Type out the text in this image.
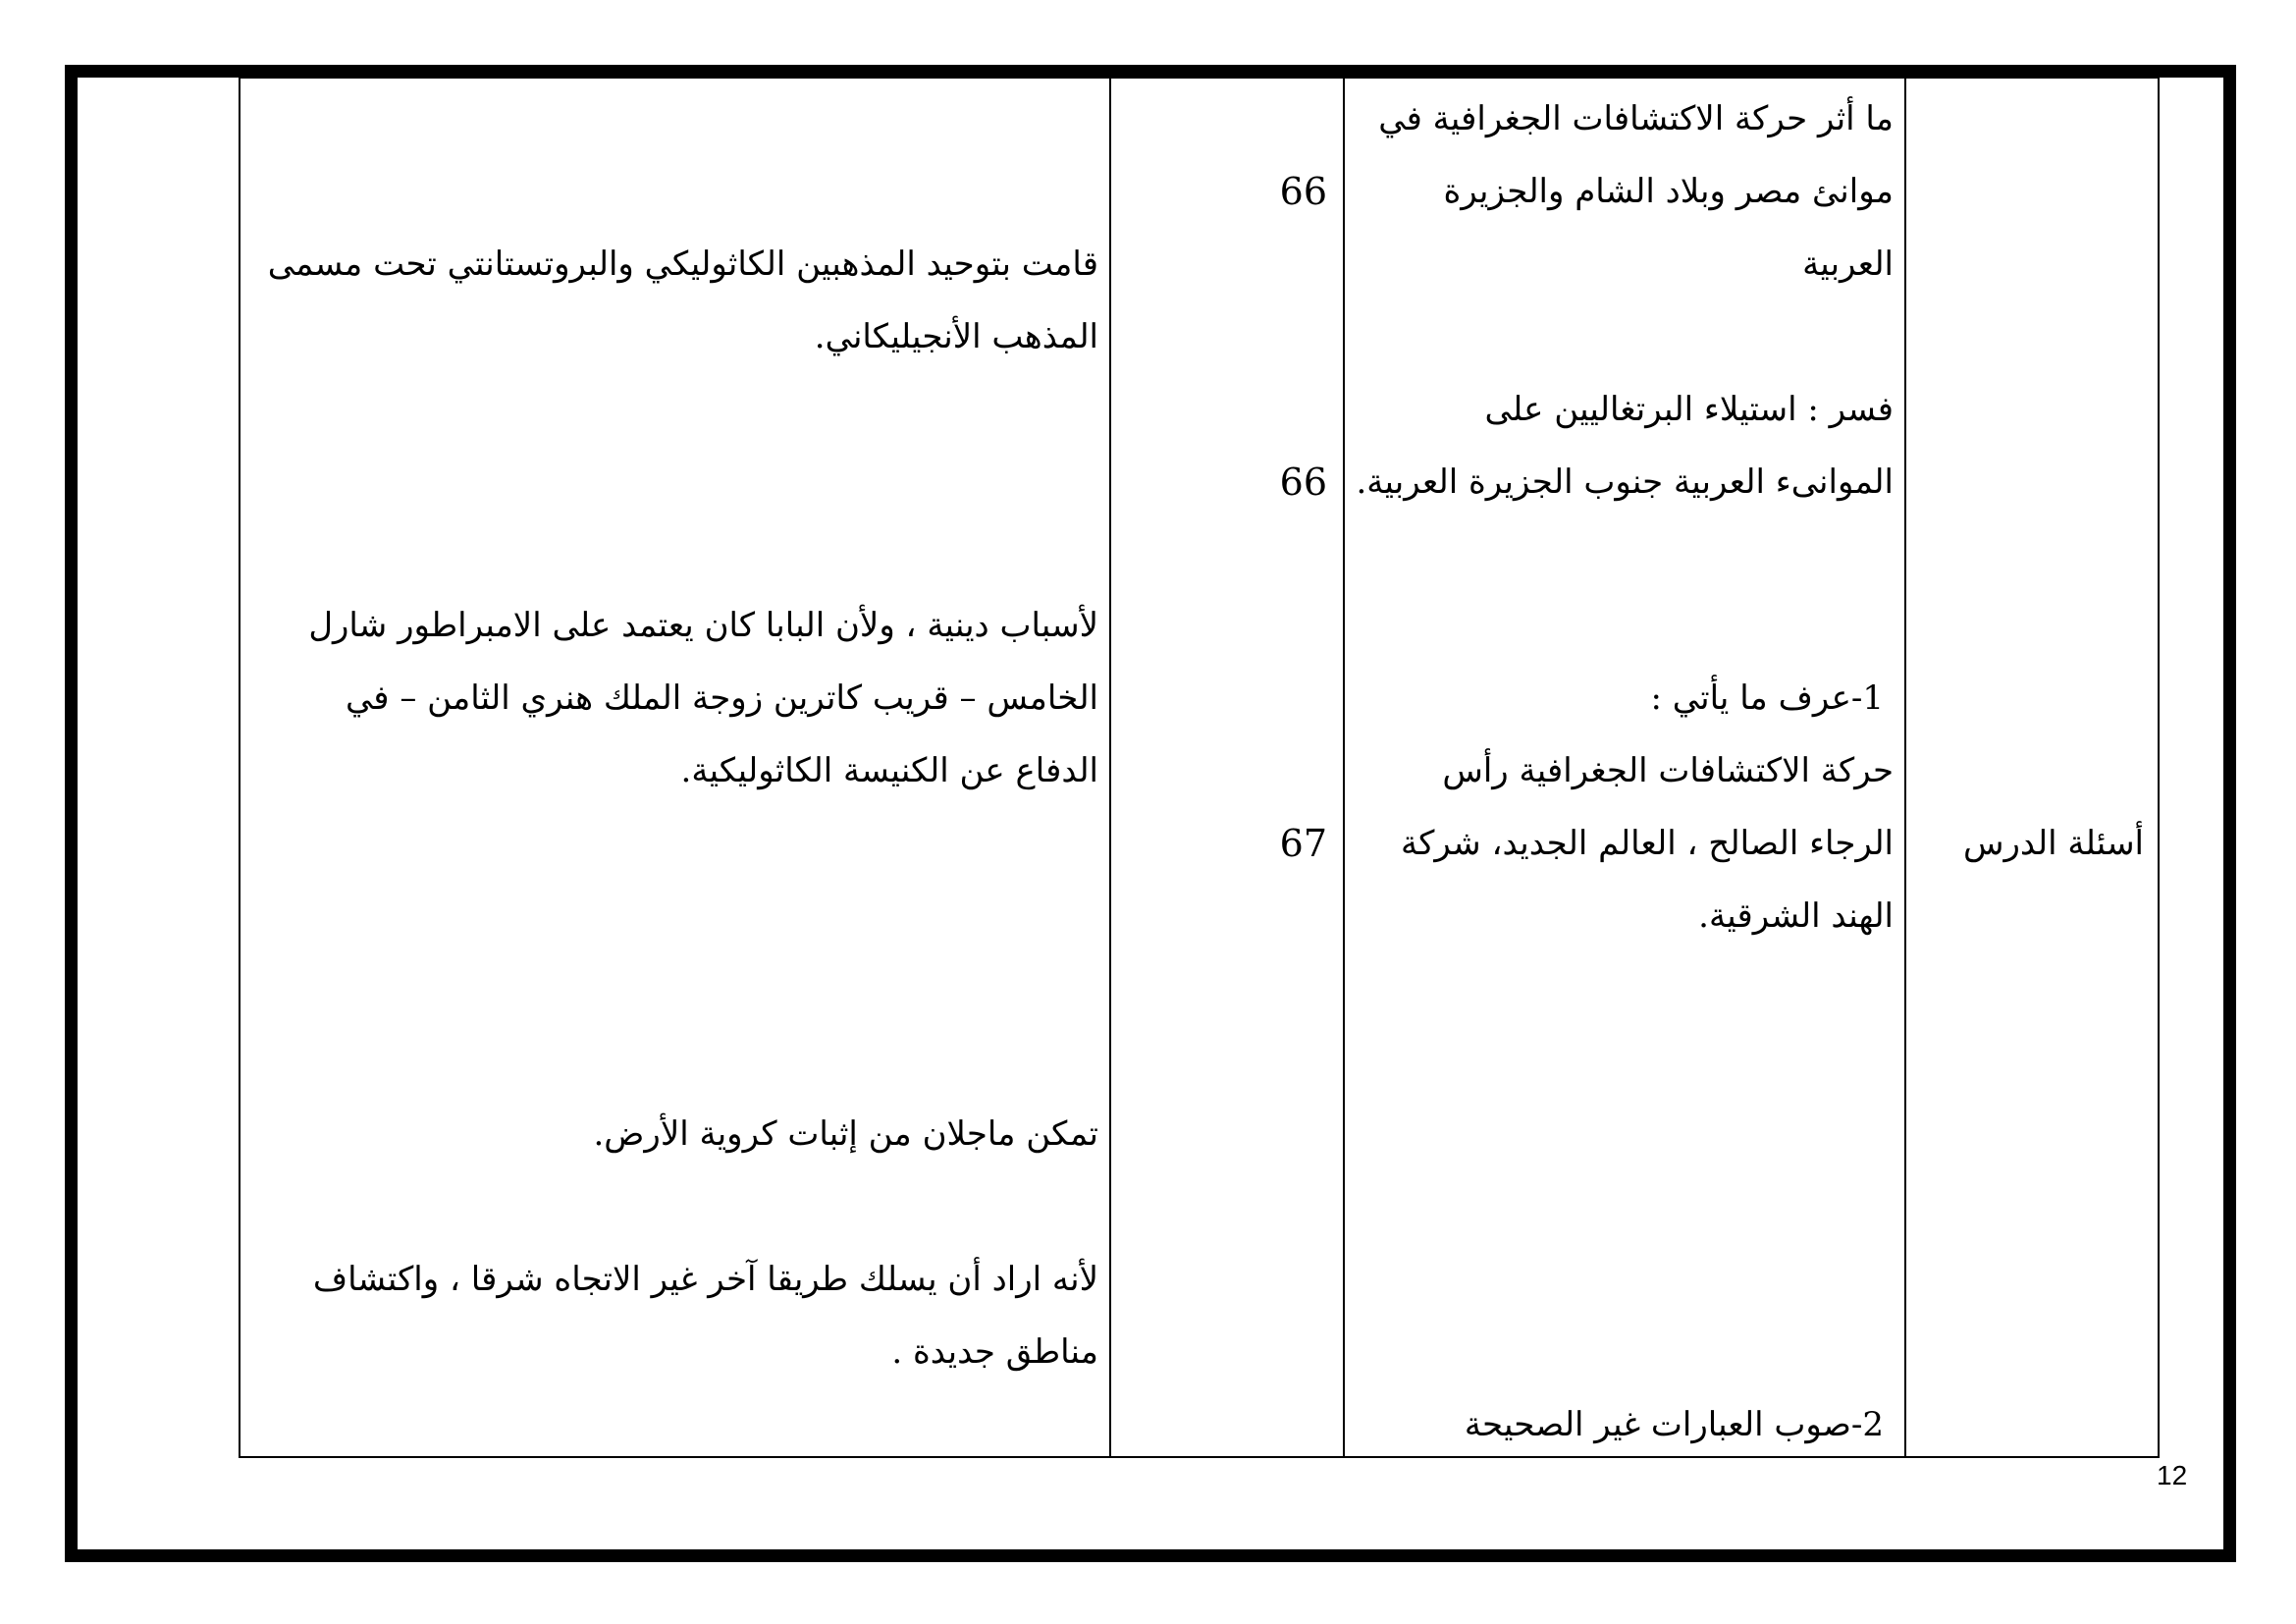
أسئلة الدرس
ما أثر حركة الاكتشافات الجغرافية في
موانئ مصر وبلاد الشام والجزيرة
العربية
فسر : استيلاء البرتغاليين على
الموانىء العربية جنوب الجزيرة العربية.
1-عرف ما يأتي :
حركة الاكتشافات الجغرافية رأس
الرجاء الصالح ، العالم الجديد، شركة
الهند الشرقية.
2-صوب العبارات غير الصحيحة
66
66
67
قامت بتوحيد المذهبين الكاثوليكي والبروتستانتي تحت مسمى
المذهب الأنجيليكاني.
لأسباب دينية ، ولأن البابا كان يعتمد على الامبراطور شارل
الخامس – قريب كاترين زوجة الملك هنري الثامن – في
الدفاع عن الكنيسة الكاثوليكية.
تمكن ماجلان من إثبات كروية الأرض.
لأنه اراد أن يسلك طريقا آخر غير الاتجاه شرقا ، واكتشاف
مناطق جديدة .
12
